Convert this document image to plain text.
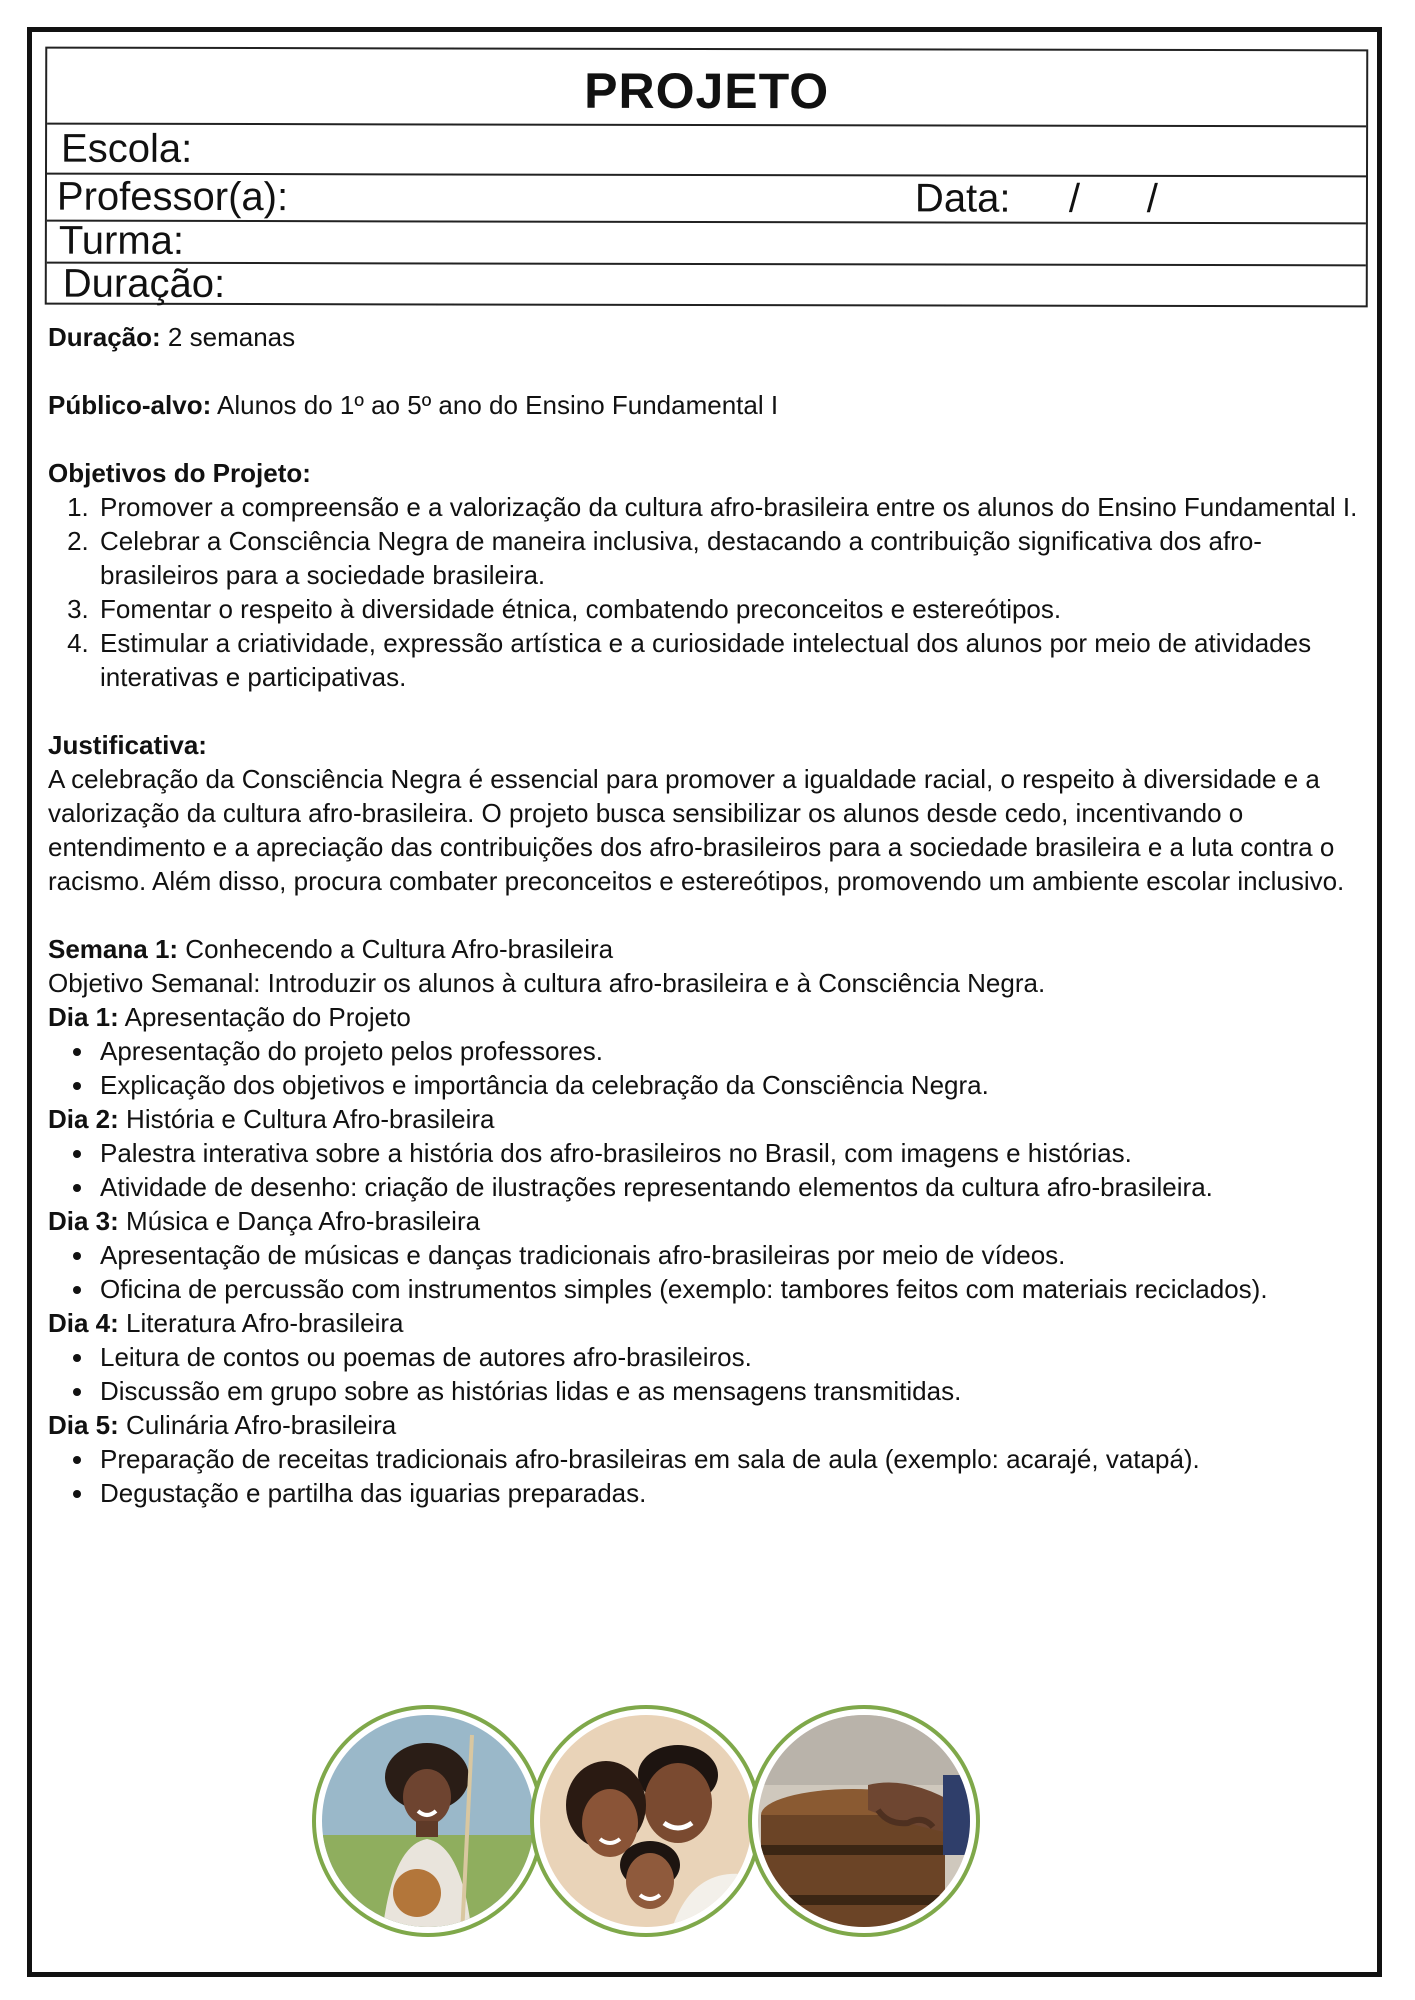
PROJETO
Escola:
Professor(a):	Data: /      /
Turma:
Duração:

Duração: 2 semanas

Público-alvo: Alunos do 1º ao 5º ano do Ensino Fundamental I

Objetivos do Projeto:

1. Promover a compreensão e a valorização da cultura afro-brasileira entre os alunos do Ensino Fundamental I.
2. Celebrar a Consciência Negra de maneira inclusiva, destacando a contribuição significativa dos afro-brasileiros para a sociedade brasileira.
3. Fomentar o respeito à diversidade étnica, combatendo preconceitos e estereótipos.
4. Estimular a criatividade, expressão artística e a curiosidade intelectual dos alunos por meio de atividades interativas e participativas.

Justificativa:

A celebração da Consciência Negra é essencial para promover a igualdade racial, o respeito à diversidade e a valorização da cultura afro-brasileira. O projeto busca sensibilizar os alunos desde cedo, incentivando o entendimento e a apreciação das contribuições dos afro-brasileiros para a sociedade brasileira e a luta contra o racismo. Além disso, procura combater preconceitos e estereótipos, promovendo um ambiente escolar inclusivo.

Semana 1: Conhecendo a Cultura Afro-brasileira

Objetivo Semanal: Introduzir os alunos à cultura afro-brasileira e à Consciência Negra.

Dia 1: Apresentação do Projeto

• Apresentação do projeto pelos professores.
• Explicação dos objetivos e importância da celebração da Consciência Negra.

Dia 2: História e Cultura Afro-brasileira

• Palestra interativa sobre a história dos afro-brasileiros no Brasil, com imagens e histórias.
• Atividade de desenho: criação de ilustrações representando elementos da cultura afro-brasileira.

Dia 3: Música e Dança Afro-brasileira

• Apresentação de músicas e danças tradicionais afro-brasileiras por meio de vídeos.
• Oficina de percussão com instrumentos simples (exemplo: tambores feitos com materiais reciclados).

Dia 4: Literatura Afro-brasileira

• Leitura de contos ou poemas de autores afro-brasileiros.
• Discussão em grupo sobre as histórias lidas e as mensagens transmitidas.

Dia 5: Culinária Afro-brasileira

• Preparação de receitas tradicionais afro-brasileiras em sala de aula (exemplo: acarajé, vatapá).
• Degustação e partilha das iguarias preparadas.
